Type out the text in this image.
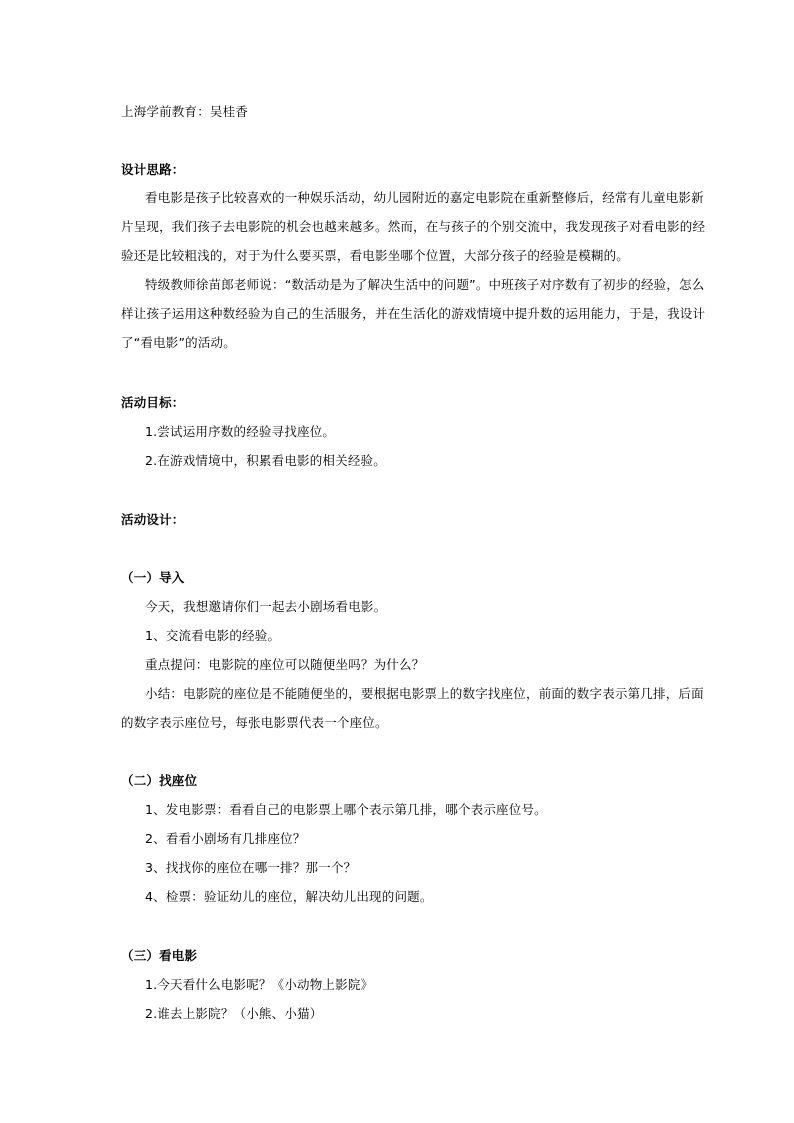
上海学前教育：吴桂香
设计思路：
看电影是孩子比较喜欢的一种娱乐活动，幼儿园附近的嘉定电影院在重新整修后，经常有儿童电影新
片呈现，我们孩子去电影院的机会也越来越多。然而，在与孩子的个别交流中，我发现孩子对看电影的经
验还是比较粗浅的，对于为什么要买票，看电影坐哪个位置，大部分孩子的经验是模糊的。
特级教师徐苗郎老师说：“数活动是为了解决生活中的问题”。中班孩子对序数有了初步的经验，怎么
样让孩子运用这种数经验为自己的生活服务，并在生活化的游戏情境中提升数的运用能力，于是，我设计
了“看电影”的活动。
活动目标：
1.尝试运用序数的经验寻找座位。
2.在游戏情境中，积累看电影的相关经验。
活动设计：
（一）导入
今天，我想邀请你们一起去小剧场看电影。
1、交流看电影的经验。
重点提问：电影院的座位可以随便坐吗？为什么？
小结：电影院的座位是不能随便坐的，要根据电影票上的数字找座位，前面的数字表示第几排，后面
的数字表示座位号，每张电影票代表一个座位。
（二）找座位
1、发电影票：看看自己的电影票上哪个表示第几排，哪个表示座位号。
2、看看小剧场有几排座位？
3、找找你的座位在哪一排？那一个？
4、检票：验证幼儿的座位，解决幼儿出现的问题。
（三）看电影
1.今天看什么电影呢？《小动物上影院》
2.谁去上影院？（小熊、小猫）
